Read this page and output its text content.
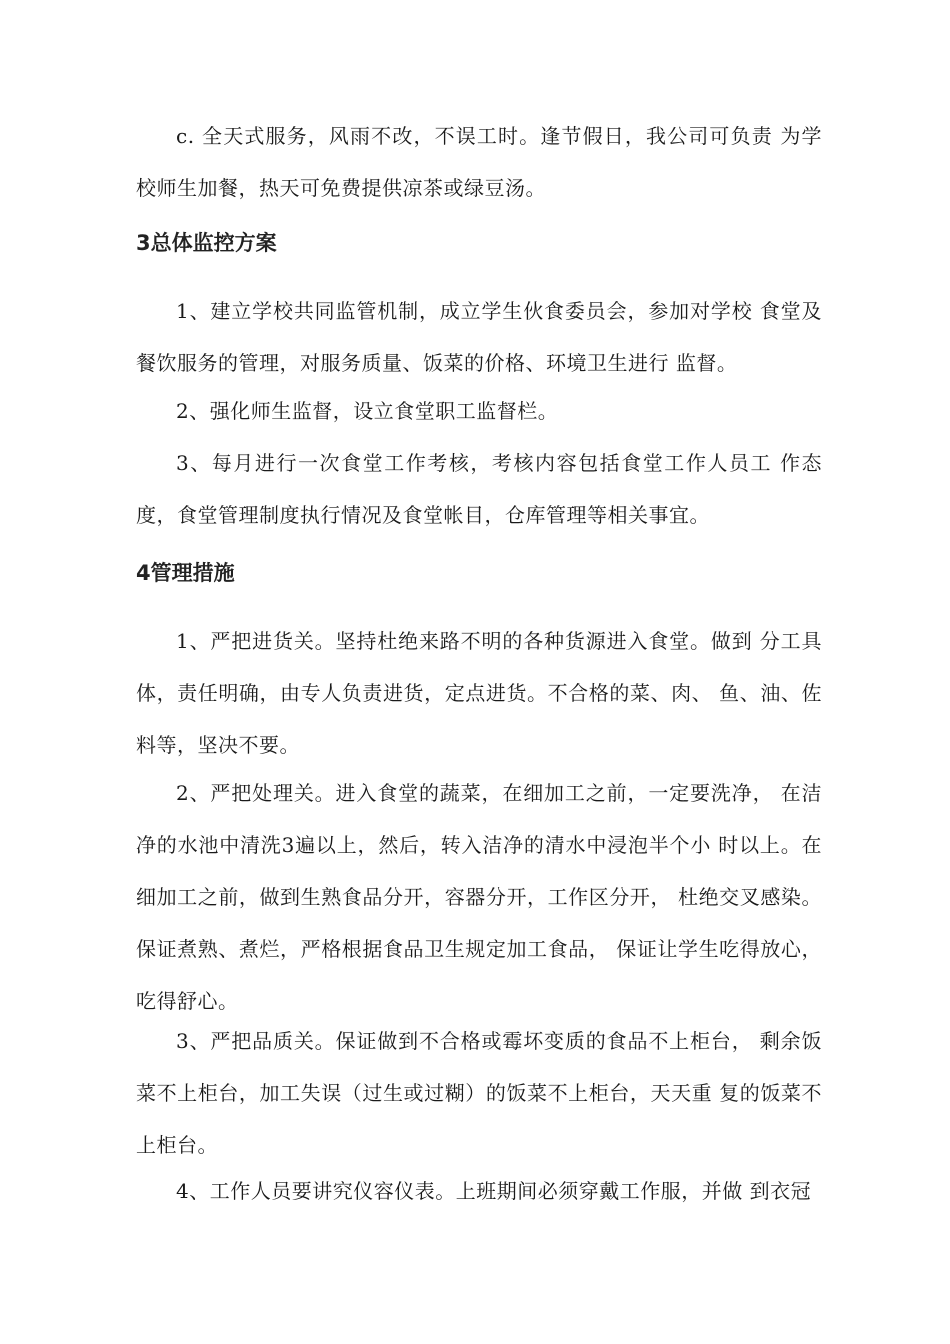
c. 全天式服务，风雨不改，不误工时。逢节假日，我公司可负责 为学校师生加餐，热天可免费提供凉茶或绿豆汤。

3总体监控方案

1、建立学校共同监管机制，成立学生伙食委员会，参加对学校 食堂及餐饮服务的管理，对服务质量、饭菜的价格、环境卫生进行 监督。

2、强化师生监督，设立食堂职工监督栏。

3、每月进行一次食堂工作考核，考核内容包括食堂工作人员工 作态度，食堂管理制度执行情况及食堂帐目，仓库管理等相关事宜。

4管理措施

1、严把进货关。坚持杜绝来路不明的各种货源进入食堂。做到 分工具体，责任明确，由专人负责进货，定点进货。不合格的菜、肉、 鱼、油、佐料等，坚决不要。

2、严把处理关。进入食堂的蔬菜，在细加工之前，一定要洗净， 在洁净的水池中清洗3遍以上，然后，转入洁净的清水中浸泡半个小 时以上。在细加工之前，做到生熟食品分开，容器分开，工作区分开， 杜绝交叉感染。保证煮熟、煮烂，严格根据食品卫生规定加工食品， 保证让学生吃得放心，吃得舒心。

3、严把品质关。保证做到不合格或霉坏变质的食品不上柜台， 剩余饭菜不上柜台，加工失误（过生或过糊）的饭菜不上柜台，天天重 复的饭菜不上柜台。

4、工作人员要讲究仪容仪表。上班期间必须穿戴工作服，并做 到衣冠
